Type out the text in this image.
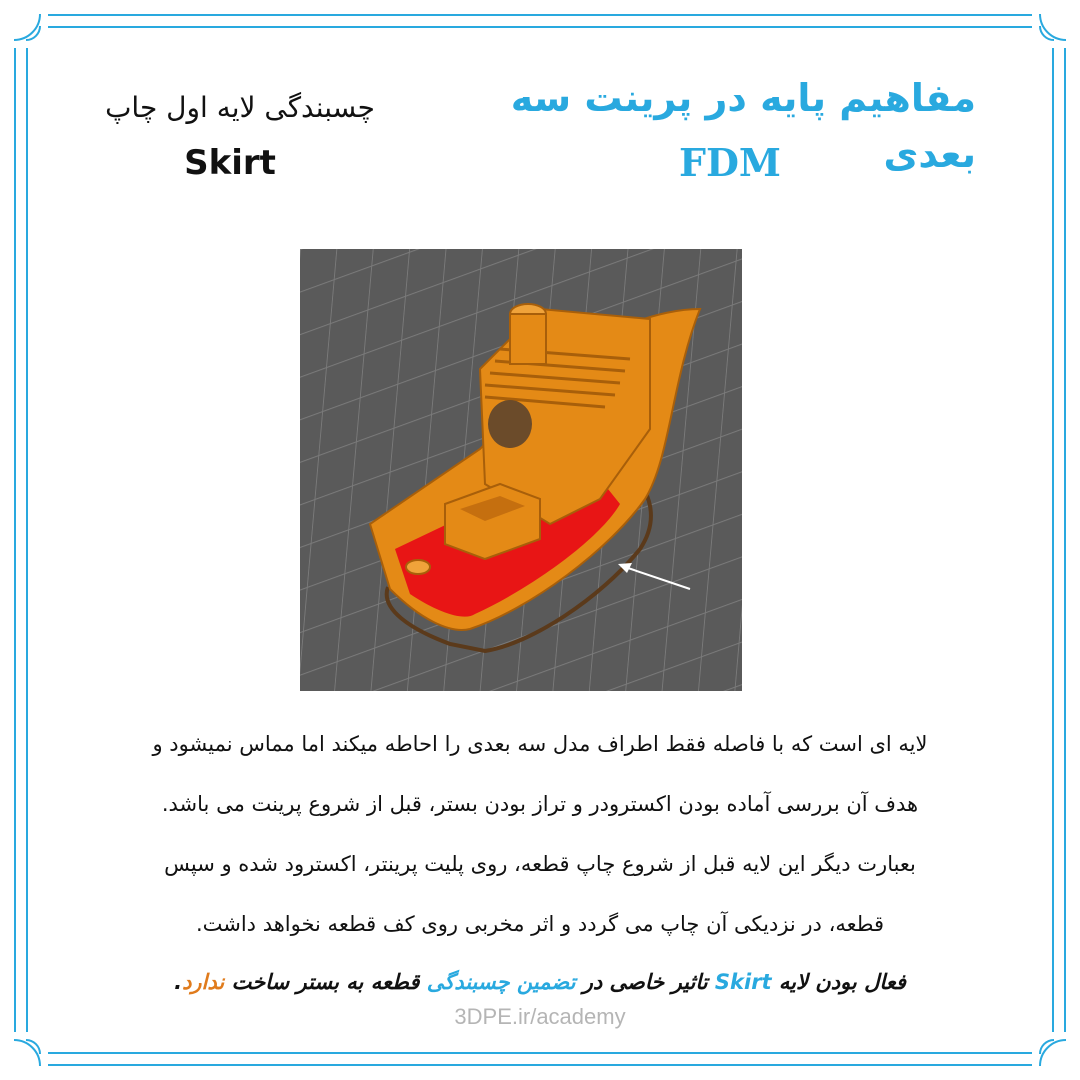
مفاهیم پایه در پرینت سه بعدی
FDM
چسبندگی لایه اول چاپ
Skirt
لایه ای است که با فاصله فقط اطراف مدل سه بعدی را احاطه میکند اما مماس نمیشود و
هدف آن بررسی آماده بودن اکسترودر و تراز بودن بستر، قبل از شروع پرینت می باشد.
بعبارت دیگر این لایه قبل از شروع چاپ قطعه، روی پلیت پرینتر، اکسترود شده و سپس
قطعه، در نزدیکی آن چاپ می گردد و اثر مخربی روی کف قطعه نخواهد داشت.
فعال بودن لایه Skirt تاثیر خاصی در تضمین چسبندگی قطعه به بستر ساخت ندارد.
3DPE.ir/academy
